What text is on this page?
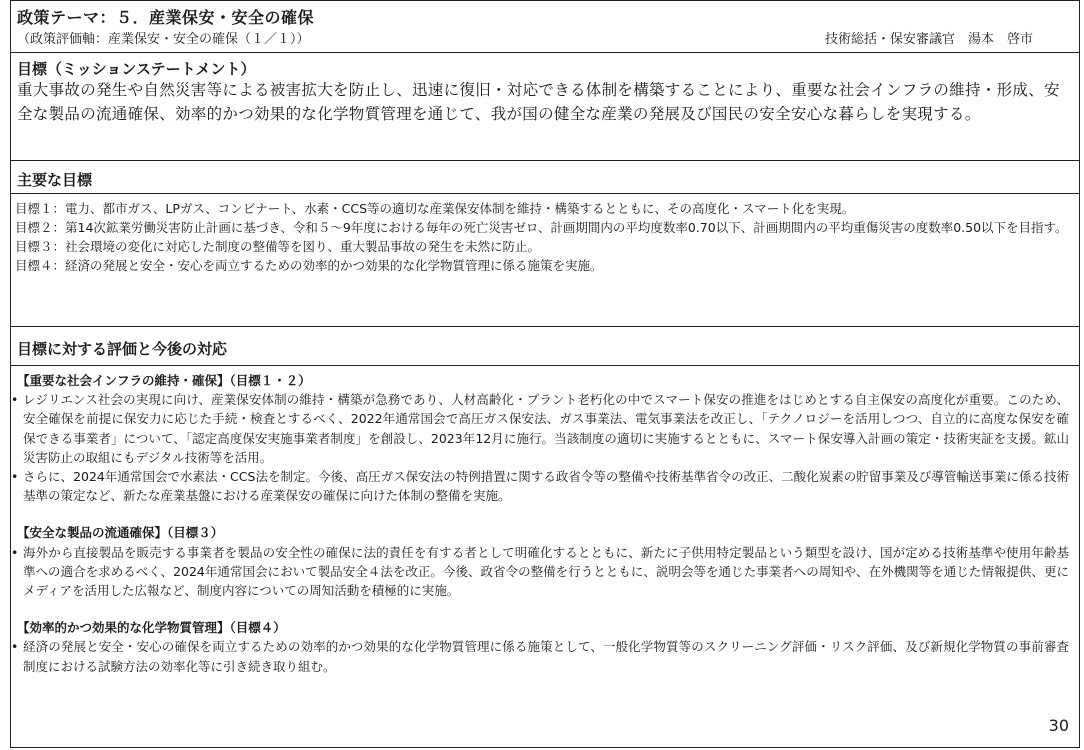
政策テーマ：５．産業保安・安全の確保
（政策評価軸：産業保安・安全の確保（１／１））	技術総括・保安審議官　湯本　啓市
目標（ミッションステートメント）
重大事故の発生や自然災害等による被害拡大を防止し、迅速に復旧・対応できる体制を構築することにより、重要な社会インフラの維持・形成、安全な製品の流通確保、効率的かつ効果的な化学物質管理を通じて、我が国の健全な産業の発展及び国民の安全安心な暮らしを実現する。
主要な目標
目標１： 電力、都市ガス、LPガス、コンビナート、水素・CCS等の適切な産業保安体制を維持・構築するとともに、その高度化・スマート化を実現。
目標２： 第14次鉱業労働災害防止計画に基づき、令和５～9年度における毎年の死亡災害ゼロ、計画期間内の平均度数率0.70以下、計画期間内の平均重傷災害の度数率0.50以下を目指す。
目標３： 社会環境の変化に対応した制度の整備等を図り、重大製品事故の発生を未然に防止。
目標４： 経済の発展と安全・安心を両立するための効率的かつ効果的な化学物質管理に係る施策を実施。
目標に対する評価と今後の対応
【重要な社会インフラの維持・確保】（目標１・２）
• レジリエンス社会の実現に向け、産業保安体制の維持・構築が急務であり、人材高齢化・プラント老朽化の中でスマート保安の推進をはじめとする自主保安の高度化が重要。このため、安全確保を前提に保安力に応じた手続・検査とするべく、2022年通常国会で高圧ガス保安法、ガス事業法、電気事業法を改正し、「テクノロジーを活用しつつ、自立的に高度な保安を確保できる事業者」について、「認定高度保安実施事業者制度」を創設し、2023年12月に施行。当該制度の適切に実施するとともに、スマート保安導入計画の策定・技術実証を支援。鉱山災害防止の取組にもデジタル技術等を活用。
• さらに、2024年通常国会で水素法・CCS法を制定。今後、高圧ガス保安法の特例措置に関する政省令等の整備や技術基準省令の改正、二酸化炭素の貯留事業及び導管輸送事業に係る技術基準の策定など、新たな産業基盤における産業保安の確保に向けた体制の整備を実施。
【安全な製品の流通確保】（目標３）
• 海外から直接製品を販売する事業者を製品の安全性の確保に法的責任を有する者として明確化するとともに、新たに子供用特定製品という類型を設け、国が定める技術基準や使用年齢基準への適合を求めるべく、2024年通常国会において製品安全４法を改正。今後、政省令の整備を行うとともに、説明会等を通じた事業者への周知や、在外機関等を通じた情報提供、更にメディアを活用した広報など、制度内容についての周知活動を積極的に実施。
【効率的かつ効果的な化学物質管理】（目標４）
• 経済の発展と安全・安心の確保を両立するための効率的かつ効果的な化学物質管理に係る施策として、一般化学物質等のスクリーニング評価・リスク評価、及び新規化学物質の事前審査制度における試験方法の効率化等に引き続き取り組む。
30
